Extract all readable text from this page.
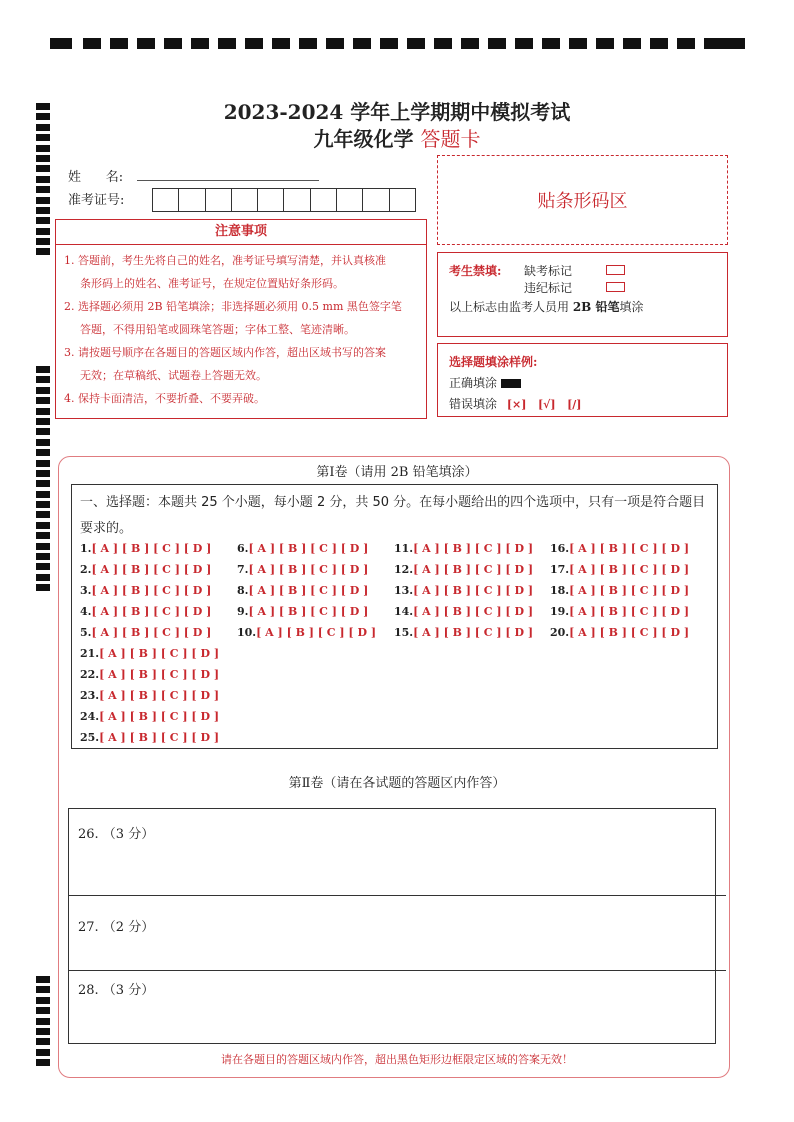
2023-2024 学年上学期期中模拟考试
九年级化学 答题卡
姓      名:
准考证号:	贴条形码区
注意事项

1. 答题前，考生先将自己的姓名，准考证号填写清楚，并认真核准

条形码上的姓名、准考证号，在规定位置贴好条形码。

2. 选择题必须用 2B 铅笔填涂；非选择题必须用 0.5 mm 黑色签字笔

答题，不得用铅笔或圆珠笔答题；字体工整、笔迹清晰。

3. 请按题号顺序在各题目的答题区域内作答，超出区域书写的答案

无效；在草稿纸、试题卷上答题无效。

4. 保持卡面清洁，不要折叠、不要弄破。

考生禁填: 缺考标记
违纪标记
以上标志由监考人员用 2B 铅笔填涂
选择题填涂样例:
正确填涂
错误填涂 [×]   [√]   [/]
第Ⅰ卷（请用 2B 铅笔填涂）
一、选择题：本题共 25 个小题，每小题 2 分，共 50 分。在每小题给出的四个选项中，只有一项是符合题目要求的。
1.[ A ] [ B ] [ C ] [ D ]
2.[ A ] [ B ] [ C ] [ D ]
3.[ A ] [ B ] [ C ] [ D ]
4.[ A ] [ B ] [ C ] [ D ]
5.[ A ] [ B ] [ C ] [ D ]
6.[ A ] [ B ] [ C ] [ D ]
7.[ A ] [ B ] [ C ] [ D ]
8.[ A ] [ B ] [ C ] [ D ]
9.[ A ] [ B ] [ C ] [ D ]
10.[ A ] [ B ] [ C ] [ D ]
11.[ A ] [ B ] [ C ] [ D ]
12.[ A ] [ B ] [ C ] [ D ]
13.[ A ] [ B ] [ C ] [ D ]
14.[ A ] [ B ] [ C ] [ D ]
15.[ A ] [ B ] [ C ] [ D ]
16.[ A ] [ B ] [ C ] [ D ]
17.[ A ] [ B ] [ C ] [ D ]
18.[ A ] [ B ] [ C ] [ D ]
19.[ A ] [ B ] [ C ] [ D ]
20.[ A ] [ B ] [ C ] [ D ]
21.[ A ] [ B ] [ C ] [ D ]
22.[ A ] [ B ] [ C ] [ D ]
23.[ A ] [ B ] [ C ] [ D ]
24.[ A ] [ B ] [ C ] [ D ]
25.[ A ] [ B ] [ C ] [ D ]
第Ⅱ卷（请在各试题的答题区内作答）
26. （3 分）
27. （2 分）
28. （3 分）
请在各题目的答题区域内作答，超出黑色矩形边框限定区域的答案无效！
